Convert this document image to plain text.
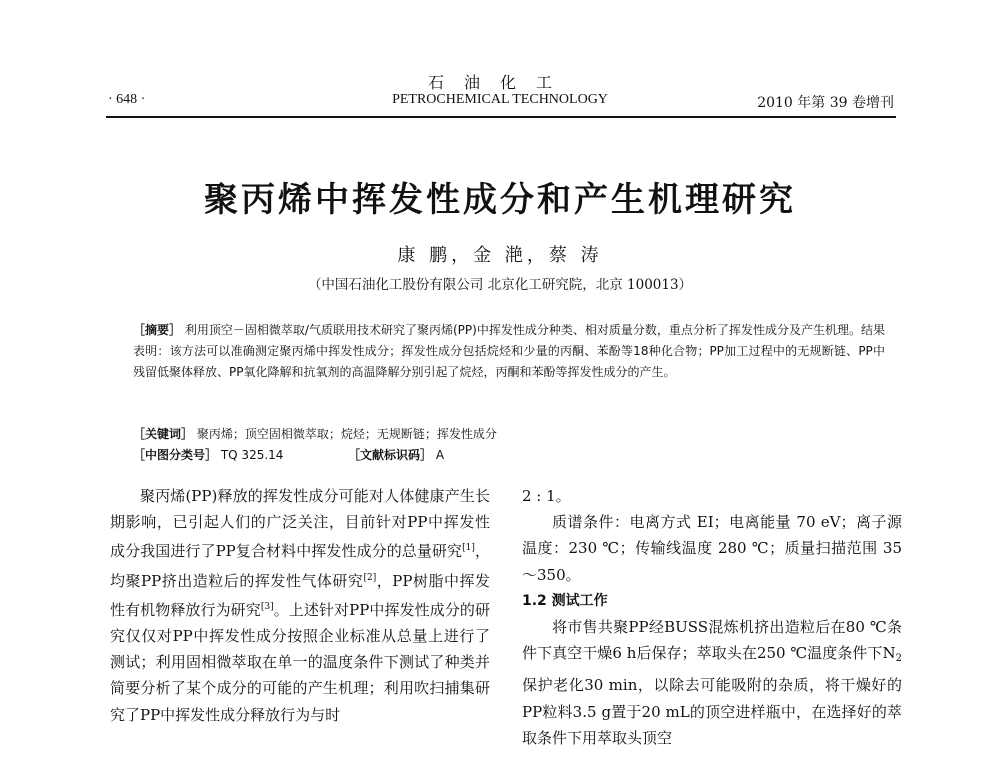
石油化工
· 648 ·	PETROCHEMICAL TECHNOLOGY	2010 年第 39 卷增刊
聚丙烯中挥发性成分和产生机理研究
康 鹏，金 滟，蔡 涛
（中国石油化工股份有限公司 北京化工研究院，北京 100013）
［摘要］ 利用顶空－固相微萃取/气质联用技术研究了聚丙烯(PP)中挥发性成分种类、相对质量分数，重点分析了挥发性成分及产生机理。结果表明：该方法可以准确测定聚丙烯中挥发性成分；挥发性成分包括烷烃和少量的丙酮、苯酚等18种化合物；PP加工过程中的无规断链、PP中残留低聚体释放、PP氧化降解和抗氧剂的高温降解分别引起了烷烃，丙酮和苯酚等挥发性成分的产生。
［关键词］ 聚丙烯；顶空固相微萃取；烷烃；无规断链；挥发性成分
［中图分类号］ TQ 325.14	［文献标识码］ A

聚丙烯(PP)释放的挥发性成分可能对人体健康产生长期影响，已引起人们的广泛关注，目前针对PP中挥发性成分我国进行了PP复合材料中挥发性成分的总量研究[1]，均聚PP挤出造粒后的挥发性气体研究[2]，PP树脂中挥发性有机物释放行为研究[3]。上述针对PP中挥发性成分的研究仅仅对PP中挥发性成分按照企业标准从总量上进行了测试；利用固相微萃取在单一的温度条件下测试了种类并简要分析了某个成分的可能的产生机理；利用吹扫捕集研究了PP中挥发性成分释放行为与时

2 : 1。

质谱条件：电离方式 EI；电离能量 70 eV；离子源温度：230 ℃；传输线温度 280 ℃；质量扫描范围 35～350。

1.2 测试工作

将市售共聚PP经BUSS混炼机挤出造粒后在80 ℃条件下真空干燥6 h后保存；萃取头在250 ℃温度条件下$N_2$保护老化30 min，以除去可能吸附的杂质，将干燥好的PP粒料3.5 g置于20 mL的顶空进样瓶中，在选择好的萃取条件下用萃取头顶空
